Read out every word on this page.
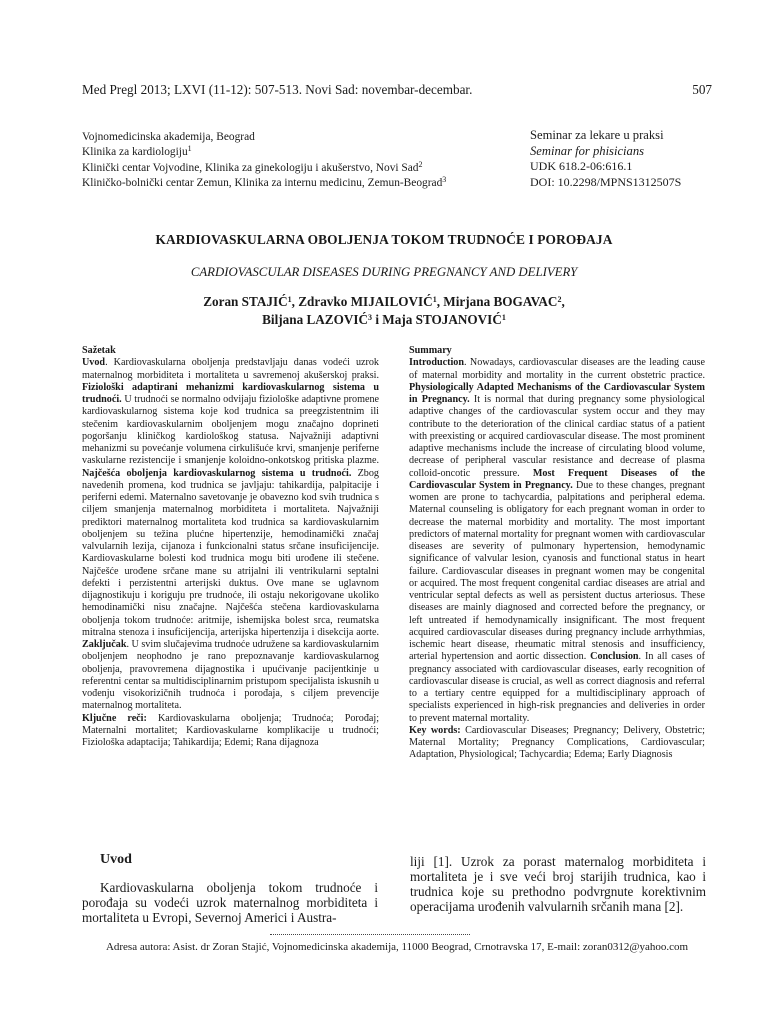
Med Pregl 2013; LXVI (11-12): 507-513. Novi Sad: novembar-decembar.	507
Vojnomedicinska akademija, Beograd
Klinika za kardiologiju$^1$
Klinički centar Vojvodine, Klinika za ginekologiju i akušerstvo, Novi Sad$^2$
Kliničko-bolnički centar Zemun, Klinika za internu medicinu, Zemun-Beograd$^3$
Seminar za lekare u praksi
Seminar for phisicians
UDK 618.2-06:616.1
DOI: 10.2298/MPNS1312507S
KARDIOVASKULARNA OBOLJENJA TOKOM TRUDNOĆE I POROĐAJA
CARDIOVASCULAR DISEASES DURING PREGNANCY AND DELIVERY
Zoran STAJIĆ$^1$, Zdravko MIJAILOVIĆ$^1$, Mirjana BOGAVAC$^2$,
Biljana LAZOVIĆ$^3$ i Maja STOJANOVIĆ$^1$
Sažetak
Uvod. Kardiovaskularna oboljenja predstavljaju danas vodeći uzrok maternalnog morbiditeta i mortaliteta u savremenoj akušerskoj praksi. Fiziološki adaptirani mehanizmi kardiovaskularnog sistema u trudnoći. U trudnoći se normalno odvijaju fiziološke adaptivne promene kardiovaskularnog sistema koje kod trudnica sa preegzistentnim ili stečenim kardiovaskularnim oboljenjem mogu značajno doprineti pogoršanju kliničkog kardiološkog statusa. Najvažniji adaptivni mehanizmi su povećanje volumena cirkulišuće krvi, smanjenje periferne vaskularne rezistencije i smanjenje koloidno-onkotskog pritiska plazme. Najčešća oboljenja kardiovaskularnog sistema u trudnoći. Zbog navedenih promena, kod trudnica se javljaju: tahikardija, palpitacije i periferni edemi. Maternalno savetovanje je obavezno kod svih trudnica s ciljem smanjenja maternalnog morbiditeta i mortaliteta. Najvažniji prediktori maternalnog mortaliteta kod trudnica sa kardiovaskularnim oboljenjem su težina plućne hipertenzije, hemodinamički značaj valvularnih lezija, cijanoza i funkcionalni status srčane insuficijencije. Kardiovaskularne bolesti kod trudnica mogu biti urođene ili stečene. Najčešće urođene srčane mane su atrijalni ili ventrikularni septalni defekti i perzistentni arterijski duktus. Ove mane se uglavnom dijagnostikuju i koriguju pre trudnoće, ili ostaju nekorigovane ukoliko hemodinamički nisu značajne. Najčešća stečena kardiovaskularna oboljenja tokom trudnoće: aritmije, ishemijska bolest srca, reumatska mitralna stenoza i insuficijencija, arterijska hipertenzija i disekcija aorte. Zaključak. U svim slučajevima trudnoće udružene sa kardiovaskularnim oboljenjem neophodno je rano prepoznavanje kardiovaskularnog oboljenja, pravovremena dijagnostika i upućivanje pacijentkinje u referentni centar sa multidisciplinarnim pristupom specijalista iskusnih u vođenju visokorizičnih trudnoća i porođaja, s ciljem prevencije maternalnog mortaliteta.
Ključne reči: Kardiovaskularna oboljenja; Trudnoća; Porođaj; Maternalni mortalitet; Kardiovaskularne komplikacije u trudnoći; Fiziološka adaptacija; Tahikardija; Edemi; Rana dijagnoza
Summary
Introduction. Nowadays, cardiovascular diseases are the leading cause of maternal morbidity and mortality in the current obstetric practice. Physiologically Adapted Mechanisms of the Cardiovascular System in Pregnancy. It is normal that during pregnancy some physiological adaptive changes of the cardiovascular system occur and they may contribute to the deterioration of the clinical cardiac status of a patient with preexisting or acquired cardiovascular disease. The most prominent adaptive mechanisms include the increase of circulating blood volume, decrease of peripheral vascular resistance and decrease of plasma colloid-oncotic pressure. Most Frequent Diseases of the Cardiovascular System in Pregnancy. Due to these changes, pregnant women are prone to tachycardia, palpitations and peripheral edema. Maternal counseling is obligatory for each pregnant woman in order to decrease the maternal morbidity and mortality. The most important predictors of maternal mortality for pregnant women with cardiovascular diseases are severity of pulmonary hypertension, hemodynamic significance of valvular lesion, cyanosis and functional status in heart failure. Cardiovascular diseases in pregnant women may be congenital or acquired. The most frequent congenital cardiac diseases are atrial and ventricular septal defects as well as persistent ductus arteriosus. These diseases are mainly diagnosed and corrected before the pregnancy, or left untreated if hemodynamically insignificant. The most frequent acquired cardiovascular diseases during pregnancy include arrhythmias, ischemic heart disease, rheumatic mitral stenosis and insufficiency, arterial hypertension and aortic dissection. Conclusion. In all cases of pregnancy associated with cardiovascular diseases, early recognition of cardiovascular disease is crucial, as well as correct diagnosis and referral to a tertiary centre equipped for a multidisciplinary approach of specialists experienced in high-risk pregnancies and deliveries in order to prevent maternal mortality.
Key words: Cardiovascular Diseases; Pregnancy; Delivery, Obstetric; Maternal Mortality; Pregnancy Complications, Cardiovascular; Adaptation, Physiological; Tachycardia; Edema; Early Diagnosis
Uvod
Kardiovaskularna oboljenja tokom trudnoće i porođaja su vodeći uzrok maternalnog morbiditeta i mortaliteta u Evropi, Severnoj Americi i Austra-
liji [1]. Uzrok za porast maternalog morbiditeta i mortaliteta je i sve veći broj starijih trudnica, kao i trudnica koje su prethodno podvrgnute korektivnim operacijama urođenih valvularnih srčanih mana [2].
Adresa autora: Asist. dr Zoran Stajić, Vojnomedicinska akademija, 11000 Beograd, Crnotravska 17, E-mail: zoran0312@yahoo.com
